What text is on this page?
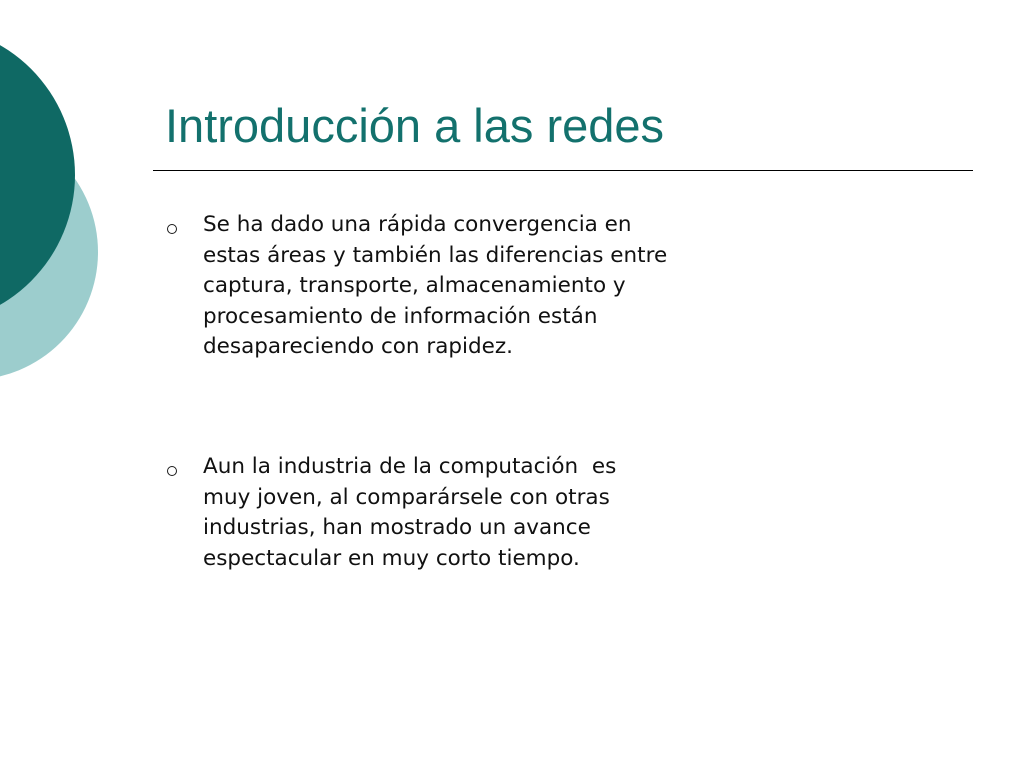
Introducción a las redes
Se ha dado una rápida convergencia en
estas áreas y también las diferencias entre
captura, transporte, almacenamiento y
procesamiento de información están
desapareciendo con rapidez.
Aun la industria de la computación  es
muy joven, al comparársele con otras
industrias, han mostrado un avance
espectacular en muy corto tiempo.
